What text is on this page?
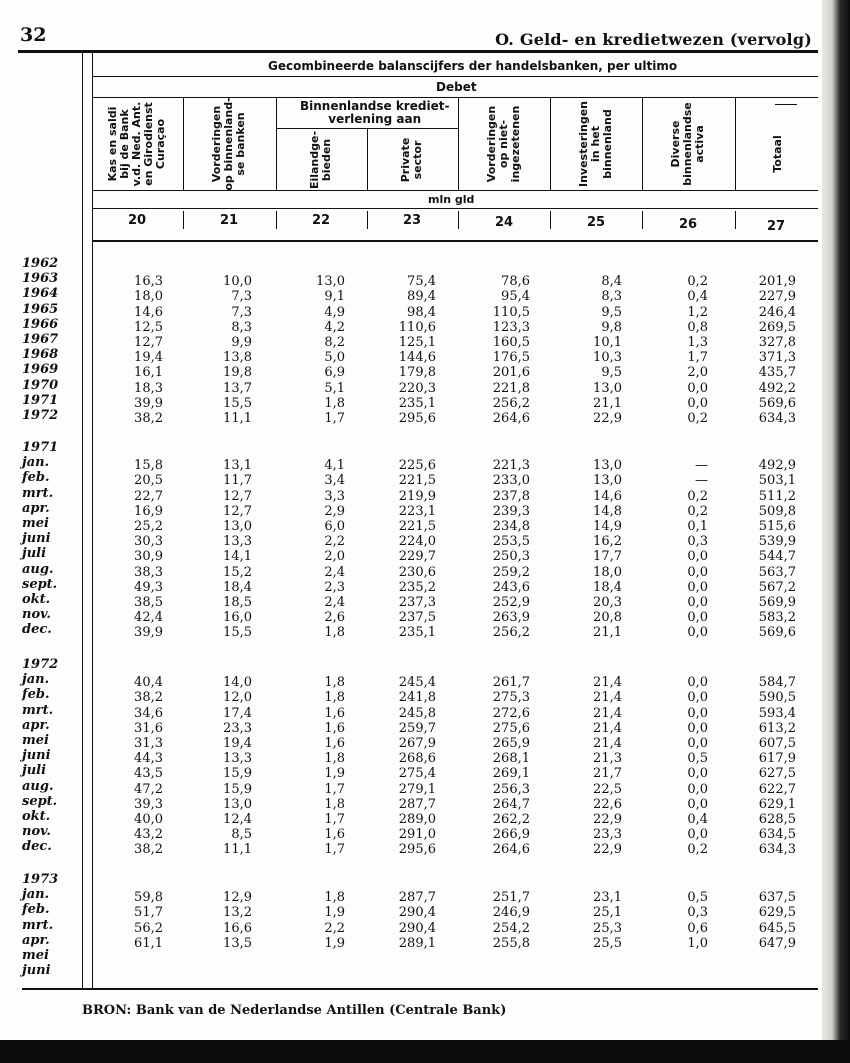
32	O. Geld- en kredietwezen (vervolg)
Gecombineerde balanscijfers der handelsbanken, per ultimo
Debet
Binnenlandse krediet-
verlening aan
mln gld
Kas en saldi
bij de Bank
v.d. Ned. Ant.
en Girodienst
Curaçao	Vorderingen
op binnenland-
se banken	Eilandge-
bieden	Private
sector	Vorderingen
op niet-
ingezetenen	Investeringen
in het
binnenland	Diverse
binnenlandse
activa	Totaal
20	21	22	23	24	25	26	27
1962
1963	16,3	10,0	13,0	75,4	78,6	8,4	0,2	201,9
1964	18,0	7,3	9,1	89,4	95,4	8,3	0,4	227,9
1965	14,6	7,3	4,9	98,4	110,5	9,5	1,2	246,4
1966	12,5	8,3	4,2	110,6	123,3	9,8	0,8	269,5
1967	12,7	9,9	8,2	125,1	160,5	10,1	1,3	327,8
1968	19,4	13,8	5,0	144,6	176,5	10,3	1,7	371,3
1969	16,1	19,8	6,9	179,8	201,6	9,5	2,0	435,7
1970	18,3	13,7	5,1	220,3	221,8	13,0	0,0	492,2
1971	39,9	15,5	1,8	235,1	256,2	21,1	0,0	569,6
1972	38,2	11,1	1,7	295,6	264,6	22,9	0,2	634,3
1971
jan.	15,8	13,1	4,1	225,6	221,3	13,0	—	492,9
feb.	20,5	11,7	3,4	221,5	233,0	13,0	—	503,1
mrt.	22,7	12,7	3,3	219,9	237,8	14,6	0,2	511,2
apr.	16,9	12,7	2,9	223,1	239,3	14,8	0,2	509,8
mei	25,2	13,0	6,0	221,5	234,8	14,9	0,1	515,6
juni	30,3	13,3	2,2	224,0	253,5	16,2	0,3	539,9
juli	30,9	14,1	2,0	229,7	250,3	17,7	0,0	544,7
aug.	38,3	15,2	2,4	230,6	259,2	18,0	0,0	563,7
sept.	49,3	18,4	2,3	235,2	243,6	18,4	0,0	567,2
okt.	38,5	18,5	2,4	237,3	252,9	20,3	0,0	569,9
nov.	42,4	16,0	2,6	237,5	263,9	20,8	0,0	583,2
dec.	39,9	15,5	1,8	235,1	256,2	21,1	0,0	569,6
1972
jan.	40,4	14,0	1,8	245,4	261,7	21,4	0,0	584,7
feb.	38,2	12,0	1,8	241,8	275,3	21,4	0,0	590,5
mrt.	34,6	17,4	1,6	245,8	272,6	21,4	0,0	593,4
apr.	31,6	23,3	1,6	259,7	275,6	21,4	0,0	613,2
mei	31,3	19,4	1,6	267,9	265,9	21,4	0,0	607,5
juni	44,3	13,3	1,8	268,6	268,1	21,3	0,5	617,9
juli	43,5	15,9	1,9	275,4	269,1	21,7	0,0	627,5
aug.	47,2	15,9	1,7	279,1	256,3	22,5	0,0	622,7
sept.	39,3	13,0	1,8	287,7	264,7	22,6	0,0	629,1
okt.	40,0	12,4	1,7	289,0	262,2	22,9	0,4	628,5
nov.	43,2	8,5	1,6	291,0	266,9	23,3	0,0	634,5
dec.	38,2	11,1	1,7	295,6	264,6	22,9	0,2	634,3
1973
jan.	59,8	12,9	1,8	287,7	251,7	23,1	0,5	637,5
feb.	51,7	13,2	1,9	290,4	246,9	25,1	0,3	629,5
mrt.	56,2	16,6	2,2	290,4	254,2	25,3	0,6	645,5
apr.	61,1	13,5	1,9	289,1	255,8	25,5	1,0	647,9
mei
juni
BRON: Bank van de Nederlandse Antillen (Centrale Bank)
